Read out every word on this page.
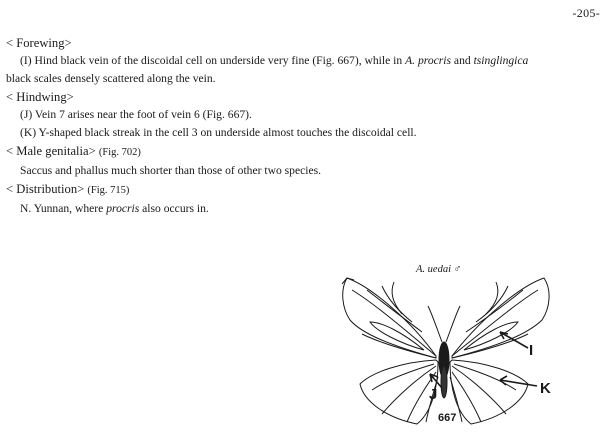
-205-

< Forewing>

(I) Hind black vein of the discoidal cell on underside very fine (Fig. 667), while in A. procris and tsinglingica

black scales densely scattered along the vein.

< Hindwing>

(J) Vein 7 arises near the foot of vein 6 (Fig. 667).

(K) Y-shaped black streak in the cell 3 on underside almost touches the discoidal cell.

< Male genitalia> (Fig. 702)

Saccus and phallus much shorter than those of other two species.

< Distribution> (Fig. 715)

N. Yunnan, where procris also occurs in.

A. uedai ♂
I
J	K
667
